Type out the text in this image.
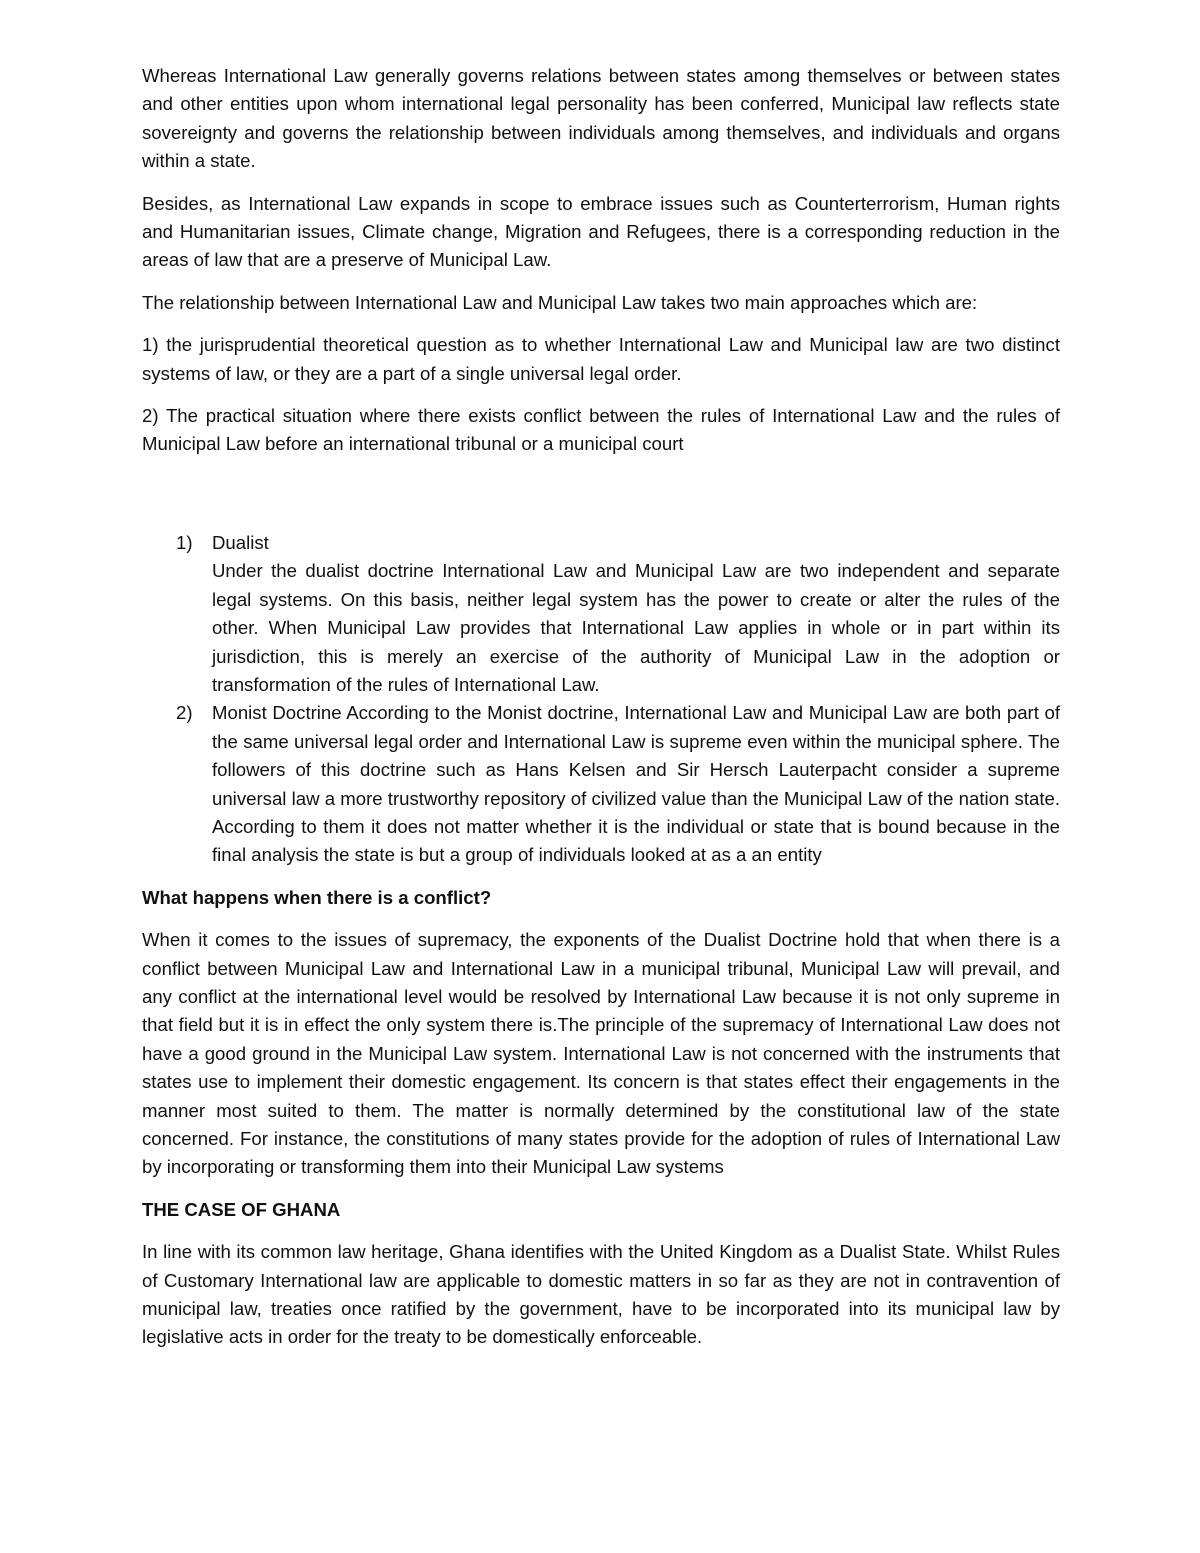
Whereas International Law generally governs relations between states among themselves or between states and other entities upon whom international legal personality has been conferred, Municipal law reflects state sovereignty and governs the relationship between individuals among themselves, and individuals and organs within a state.

Besides, as International Law expands in scope to embrace issues such as Counterterrorism, Human rights and Humanitarian issues, Climate change, Migration and Refugees, there is a corresponding reduction in the areas of law that are a preserve of Municipal Law.

The relationship between International Law and Municipal Law takes two main approaches which are:

1) the jurisprudential theoretical question as to whether International Law and Municipal law are two distinct systems of law, or they are a part of a single universal legal order.

2) The practical situation where there exists conflict between the rules of International Law and the rules of Municipal Law before an international tribunal or a municipal court

1) Dualist
Under the dualist doctrine International Law and Municipal Law are two independent and separate legal systems. On this basis, neither legal system has the power to create or alter the rules of the other. When Municipal Law provides that International Law applies in whole or in part within its jurisdiction, this is merely an exercise of the authority of Municipal Law in the adoption or transformation of the rules of International Law.
2) Monist Doctrine According to the Monist doctrine, International Law and Municipal Law are both part of the same universal legal order and International Law is supreme even within the municipal sphere. The followers of this doctrine such as Hans Kelsen and Sir Hersch Lauterpacht consider a supreme universal law a more trustworthy repository of civilized value than the Municipal Law of the nation state. According to them it does not matter whether it is the individual or state that is bound because in the final analysis the state is but a group of individuals looked at as a an entity
What happens when there is a conflict?

When it comes to the issues of supremacy, the exponents of the Dualist Doctrine hold that when there is a conflict between Municipal Law and International Law in a municipal tribunal, Municipal Law will prevail, and any conflict at the international level would be resolved by International Law because it is not only supreme in that field but it is in effect the only system there is.The principle of the supremacy of International Law does not have a good ground in the Municipal Law system. International Law is not concerned with the instruments that states use to implement their domestic engagement. Its concern is that states effect their engagements in the manner most suited to them. The matter is normally determined by the constitutional law of the state concerned. For instance, the constitutions of many states provide for the adoption of rules of International Law by incorporating or transforming them into their Municipal Law systems

THE CASE OF GHANA

In line with its common law heritage, Ghana identifies with the United Kingdom as a Dualist State. Whilst Rules of Customary International law are applicable to domestic matters in so far as they are not in contravention of municipal law, treaties once ratified by the government, have to be incorporated into its municipal law by legislative acts in order for the treaty to be domestically enforceable.
